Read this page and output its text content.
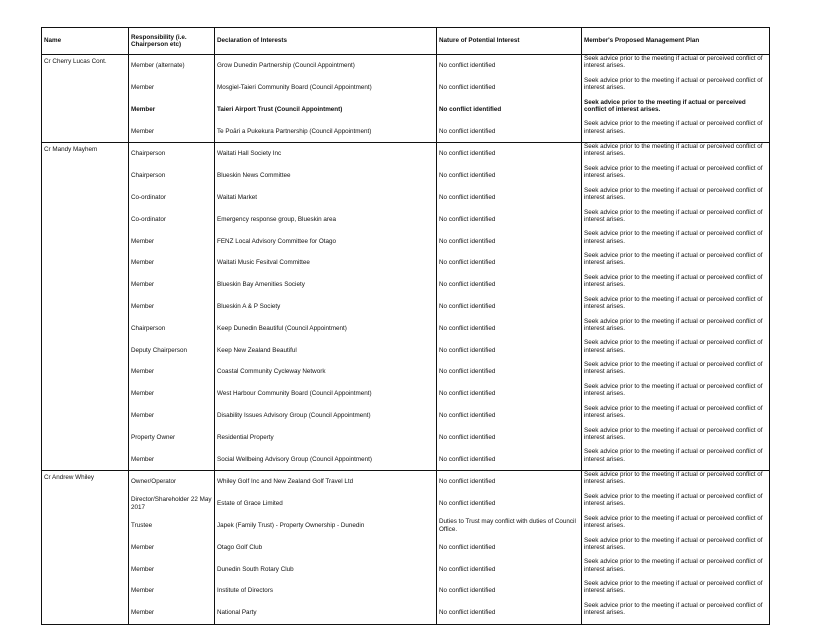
Name	Responsibility (i.e. Chairperson etc)	Declaration of Interests	Nature of Potential Interest	Member's Proposed Management Plan
Cr Cherry Lucas Cont.	Member (alternate)	Grow Dunedin Partnership (Council Appointment)	No conflict identified	Seek advice prior to the meeting if actual or perceived conflict of interest arises.
	Member	Mosgiel-Taieri Community Board (Council Appointment)	No conflict identified	Seek advice prior to the meeting if actual or perceived conflict of interest arises.
	Member	Taieri Airport Trust (Council Appointment)	No conflict identified	Seek advice prior to the meeting if actual or perceived conflict of interest arises.
	Member	Te Poāri a Pukekura Partnership (Council Appointment)	No conflict identified	Seek advice prior to the meeting if actual or perceived conflict of interest arises.
Cr Mandy Mayhem	Chairperson	Waitati Hall Society Inc	No conflict identified	Seek advice prior to the meeting if actual or perceived conflict of interest arises.
	Chairperson	Blueskin News Committee	No conflict identified	Seek advice prior to the meeting if actual or perceived conflict of interest arises.
	Co-ordinator	Waitati Market	No conflict identified	Seek advice prior to the meeting if actual or perceived conflict of interest arises.
	Co-ordinator	Emergency response group, Blueskin area	No conflict identified	Seek advice prior to the meeting if actual or perceived conflict of interest arises.
	Member	FENZ Local Advisory Committee for Otago	No conflict identified	Seek advice prior to the meeting if actual or perceived conflict of interest arises.
	Member	Waitati Music Fesitval Committee	No conflict identified	Seek advice prior to the meeting if actual or perceived conflict of interest arises.
	Member	Blueskin Bay Amenities Society	No conflict identified	Seek advice prior to the meeting if actual or perceived conflict of interest arises.
	Member	Blueskin A & P Society	No conflict identified	Seek advice prior to the meeting if actual or perceived conflict of interest arises.
	Chairperson	Keep Dunedin Beautiful (Council Appointment)	No conflict identified	Seek advice prior to the meeting if actual or perceived conflict of interest arises.
	Deputy Chairperson	Keep New Zealand Beautiful	No conflict identified	Seek advice prior to the meeting if actual or perceived conflict of interest arises.
	Member	Coastal Community Cycleway Network	No conflict identified	Seek advice prior to the meeting if actual or perceived conflict of interest arises.
	Member	West Harbour Community Board (Council Appointment)	No conflict identified	Seek advice prior to the meeting if actual or perceived conflict of interest arises.
	Member	Disability Issues Advisory Group (Council Appointment)	No conflict identified	Seek advice prior to the meeting if actual or perceived conflict of interest arises.
	Property Owner	Residential Property	No conflict identified	Seek advice prior to the meeting if actual or perceived conflict of interest arises.
	Member	Social Wellbeing Advisory Group (Council Appointment)	No conflict identified	Seek advice prior to the meeting if actual or perceived conflict of interest arises.
Cr Andrew Whiley	Owner/Operator	Whiley Golf Inc and New Zealand Golf Travel Ltd	No conflict identified	Seek advice prior to the meeting if actual or perceived conflict of interest arises.
	Director/Shareholder 22 May 2017	Estate of Grace Limited	No conflict identified	Seek advice prior to the meeting if actual or perceived conflict of interest arises.
	Trustee	Japek (Family Trust) - Property Ownership - Dunedin	Duties to Trust may conflict with duties of Council Office.	Seek advice prior to the meeting if actual or perceived conflict of interest arises.
	Member	Otago Golf Club	No conflict identified	Seek advice prior to the meeting if actual or perceived conflict of interest arises.
	Member	Dunedin South Rotary Club	No conflict identified	Seek advice prior to the meeting if actual or perceived conflict of interest arises.
	Member	Institute of Directors	No conflict identified	Seek advice prior to the meeting if actual or perceived conflict of interest arises.
	Member	National Party	No conflict identified	Seek advice prior to the meeting if actual or perceived conflict of interest arises.
